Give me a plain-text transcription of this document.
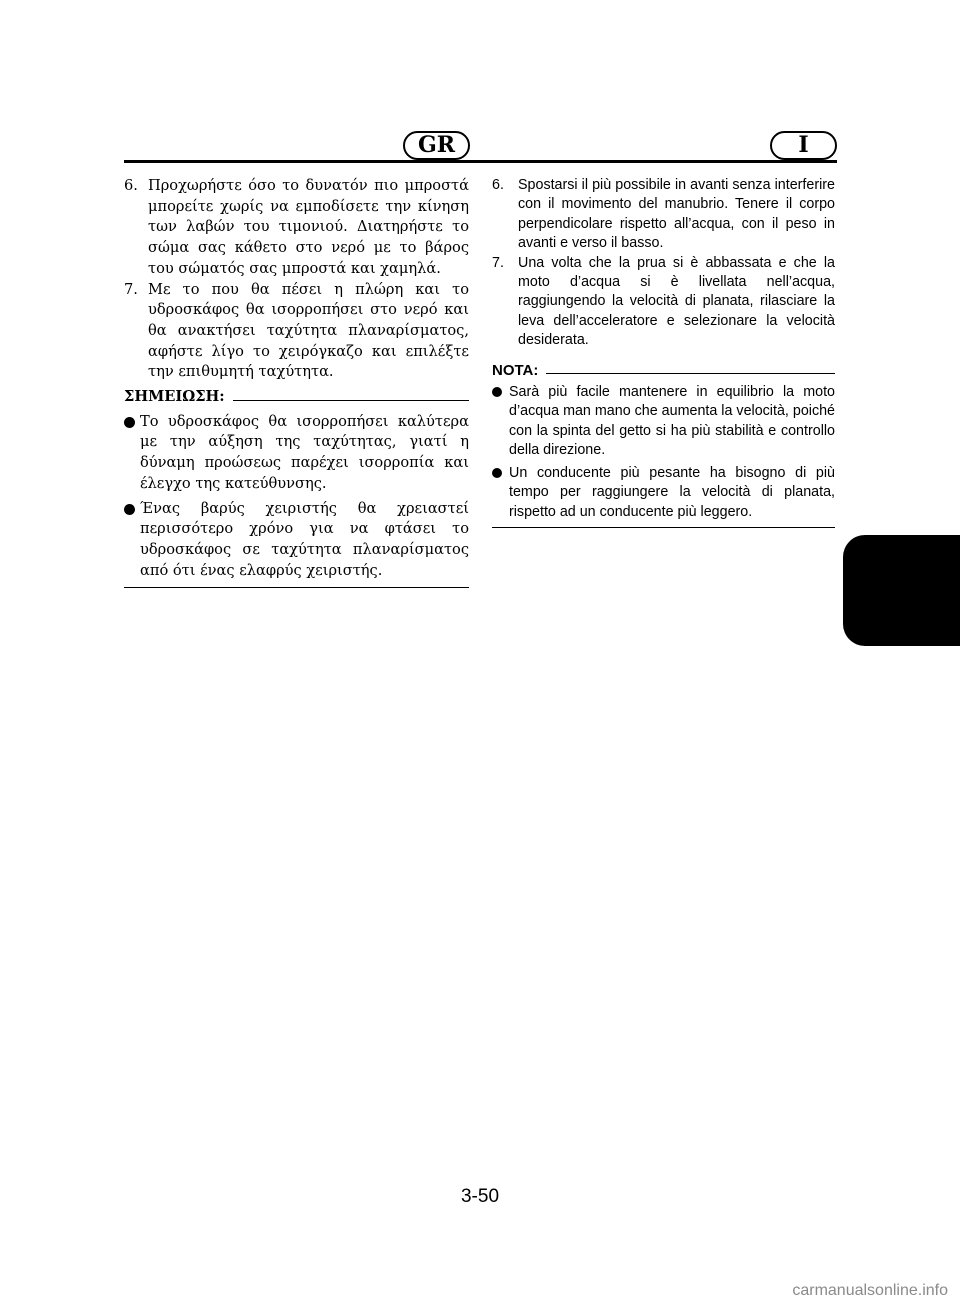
GR	I
6. Προχωρήστε όσο το δυνατόν πιο μπροστά μπορείτε χωρίς να εμποδίσετε την κίνηση των λαβών του τιμονιού. Διατηρήστε το σώμα σας κάθετο στο νερό με το βάρος του σώματός σας μπροστά και χαμηλά.
7. Με το που θα πέσει η πλώρη και το υδροσκάφος θα ισορροπήσει στο νερό και θα ανακτήσει ταχύτητα πλαναρίσματος, αφήστε λίγο το χειρόγκαζο και επιλέξτε την επιθυμητή ταχύτητα.
ΣΗΜΕΙΩΣΗ:
Το υδροσκάφος θα ισορροπήσει καλύτερα με την αύξηση της ταχύτητας, γιατί η δύναμη προώσεως παρέχει ισορροπία και έλεγχο της κατεύθυνσης.
Ένας βαρύς χειριστής θα χρειαστεί περισσότερο χρόνο για να φτάσει το υδροσκάφος σε ταχύτητα πλαναρίσματος από ότι ένας ελαφρύς χειριστής.
6. Spostarsi il più possibile in avanti senza interferire con il movimento del manubrio. Tenere il corpo perpendicolare rispetto all’acqua, con il peso in avanti e verso il basso.
7. Una volta che la prua si è abbassata e che la moto d’acqua si è livellata nell’acqua, raggiungendo la velocità di planata, rilasciare la leva dell’acceleratore e selezionare la velocità desiderata.
NOTA:
Sarà più facile mantenere in equilibrio la moto d’acqua man mano che aumenta la velocità, poiché con la spinta del getto si ha più stabilità e controllo della direzione.
Un conducente più pesante ha bisogno di più tempo per raggiungere la velocità di planata, rispetto ad un conducente più leggero.
3-50
carmanualsonline.info
